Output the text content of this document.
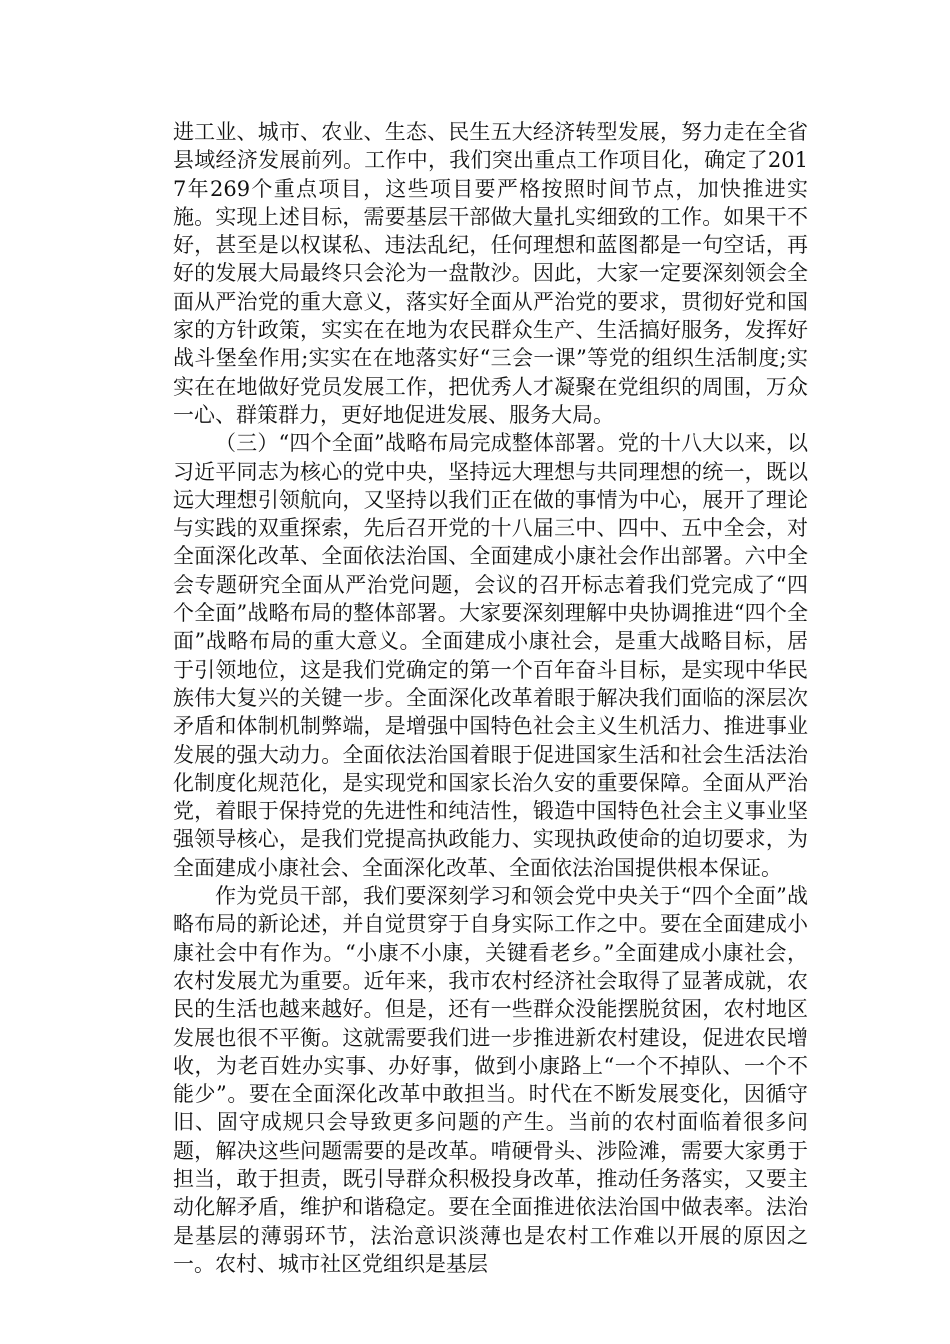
进工业、城市、农业、生态、民生五大经济转型发展，努力走在全省县域经济发展前列。工作中，我们突出重点工作项目化，确定了2017年269个重点项目，这些项目要严格按照时间节点，加快推进实施。实现上述目标，需要基层干部做大量扎实细致的工作。如果干不好，甚至是以权谋私、违法乱纪，任何理想和蓝图都是一句空话，再好的发展大局最终只会沦为一盘散沙。因此，大家一定要深刻领会全面从严治党的重大意义，落实好全面从严治党的要求，贯彻好党和国家的方针政策，实实在在地为农民群众生产、生活搞好服务，发挥好战斗堡垒作用;实实在在地落实好“三会一课”等党的组织生活制度;实实在在地做好党员发展工作，把优秀人才凝聚在党组织的周围，万众一心、群策群力，更好地促进发展、服务大局。

（三）“四个全面”战略布局完成整体部署。党的十八大以来，以习近平同志为核心的党中央，坚持远大理想与共同理想的统一，既以远大理想引领航向，又坚持以我们正在做的事情为中心，展开了理论与实践的双重探索，先后召开党的十八届三中、四中、五中全会，对全面深化改革、全面依法治国、全面建成小康社会作出部署。六中全会专题研究全面从严治党问题，会议的召开标志着我们党完成了“四个全面”战略布局的整体部署。大家要深刻理解中央协调推进“四个全面”战略布局的重大意义。全面建成小康社会，是重大战略目标，居于引领地位，这是我们党确定的第一个百年奋斗目标，是实现中华民族伟大复兴的关键一步。全面深化改革着眼于解决我们面临的深层次矛盾和体制机制弊端，是增强中国特色社会主义生机活力、推进事业发展的强大动力。全面依法治国着眼于促进国家生活和社会生活法治化制度化规范化，是实现党和国家长治久安的重要保障。全面从严治党，着眼于保持党的先进性和纯洁性，锻造中国特色社会主义事业坚强领导核心，是我们党提高执政能力、实现执政使命的迫切要求，为全面建成小康社会、全面深化改革、全面依法治国提供根本保证。

作为党员干部，我们要深刻学习和领会党中央关于“四个全面”战略布局的新论述，并自觉贯穿于自身实际工作之中。要在全面建成小康社会中有作为。“小康不小康，关键看老乡。”全面建成小康社会，农村发展尤为重要。近年来，我市农村经济社会取得了显著成就，农民的生活也越来越好。但是，还有一些群众没能摆脱贫困，农村地区发展也很不平衡。这就需要我们进一步推进新农村建设，促进农民增收，为老百姓办实事、办好事，做到小康路上“一个不掉队、一个不能少”。要在全面深化改革中敢担当。时代在不断发展变化，因循守旧、固守成规只会导致更多问题的产生。当前的农村面临着很多问题，解决这些问题需要的是改革。啃硬骨头、涉险滩，需要大家勇于担当，敢于担责，既引导群众积极投身改革，推动任务落实，又要主动化解矛盾，维护和谐稳定。要在全面推进依法治国中做表率。法治是基层的薄弱环节，法治意识淡薄也是农村工作难以开展的原因之一。农村、城市社区党组织是基层
